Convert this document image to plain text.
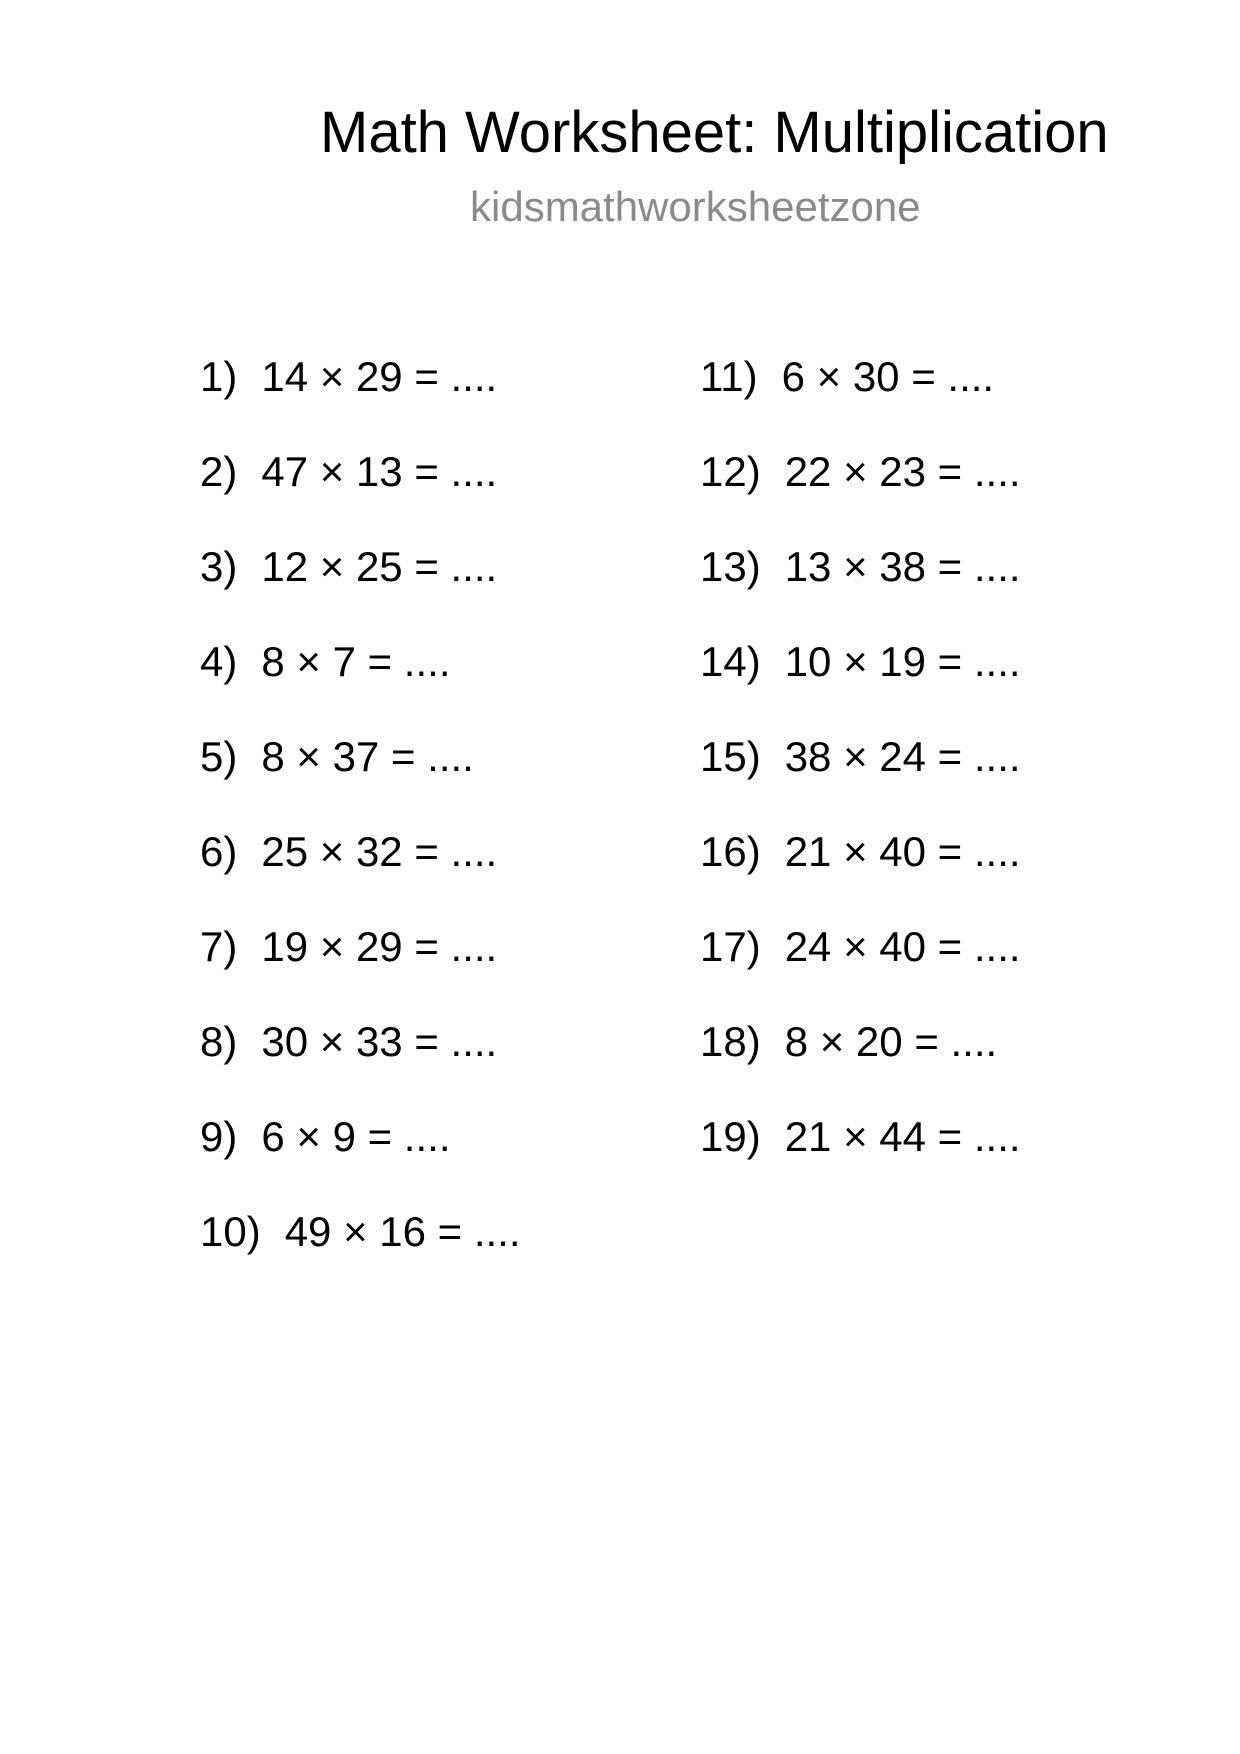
Math Worksheet: Multiplication
kidsmathworksheetzone
1) 14 × 29 = ....
2) 47 × 13 = ....
3) 12 × 25 = ....
4) 8 × 7 = ....
5) 8 × 37 = ....
6) 25 × 32 = ....
7) 19 × 29 = ....
8) 30 × 33 = ....
9) 6 × 9 = ....
10) 49 × 16 = ....
11) 6 × 30 = ....
12) 22 × 23 = ....
13) 13 × 38 = ....
14) 10 × 19 = ....
15) 38 × 24 = ....
16) 21 × 40 = ....
17) 24 × 40 = ....
18) 8 × 20 = ....
19) 21 × 44 = ....
